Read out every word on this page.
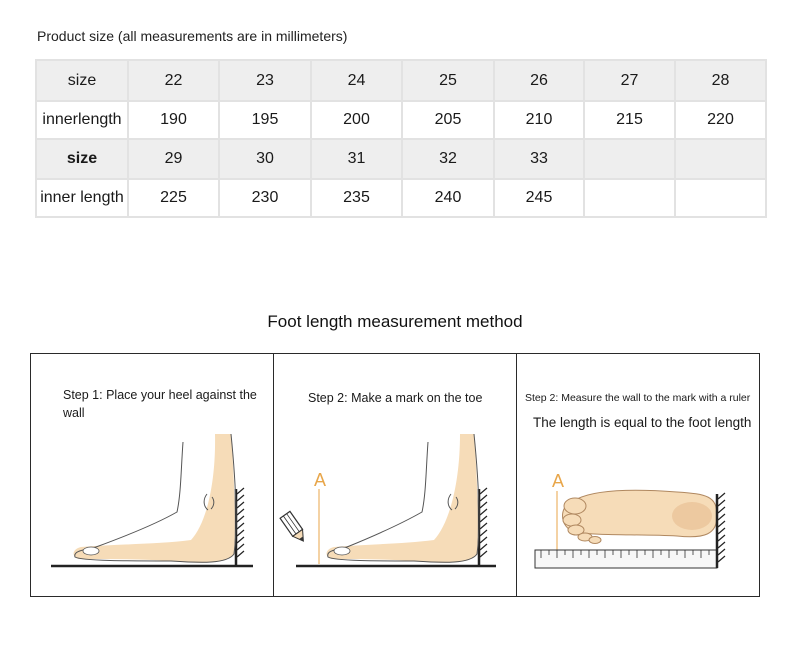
Product size (all measurements are in millimeters)
size	22	23	24	25	26	27	28
innerlength	190	195	200	205	210	215	220
size	29	30	31	32	33		
inner length	225	230	235	240	245		
Foot length measurement method
Step 1: Place your heel against the wall
Step 2: Make a mark on the toe
A
Step 2: Measure the wall to the mark with a ruler
The length is equal to the foot length
A
